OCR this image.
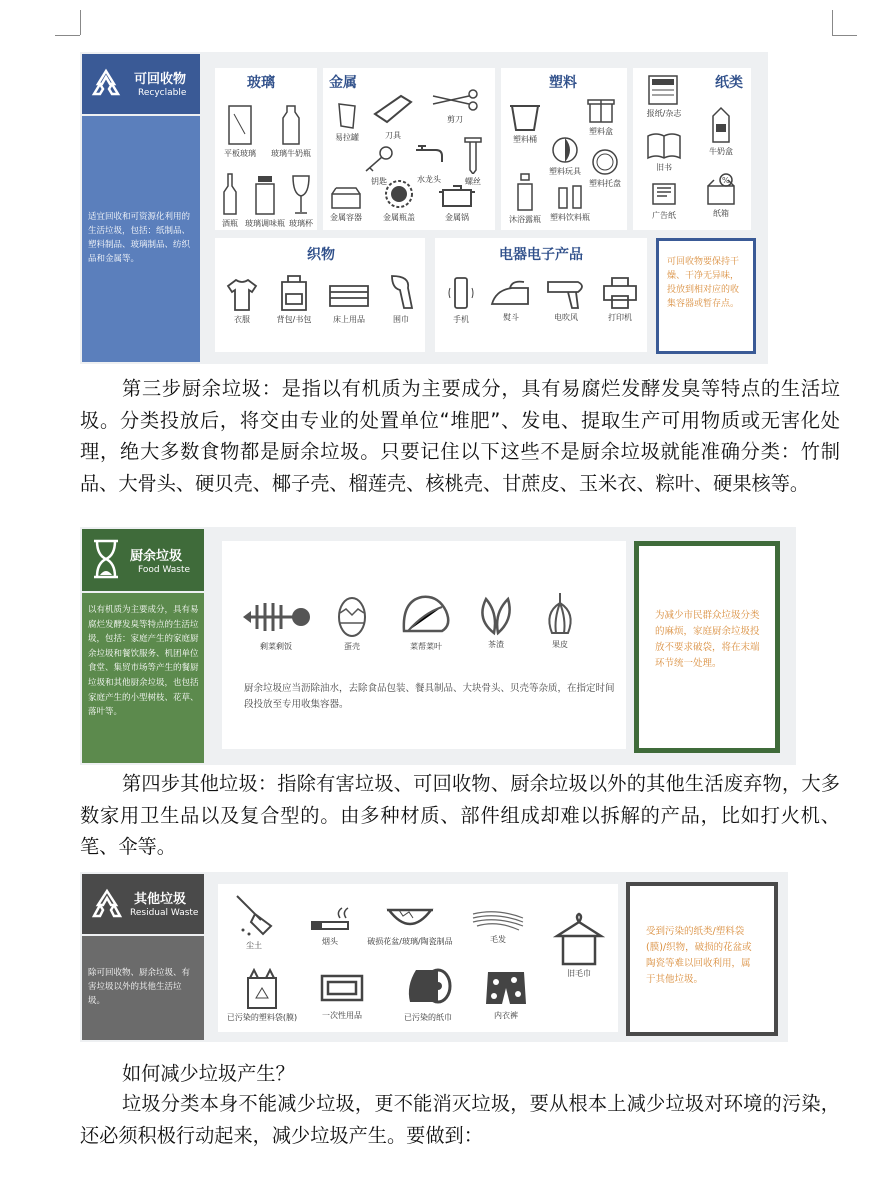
可回收物
Recyclable
适宜回收和可资源化利用的生活垃圾，包括：纸制品、塑料制品、玻璃制品、纺织品和金属等。
玻璃
平板玻璃	玻璃牛奶瓶
酒瓶 玻璃调味瓶 玻璃杯
金属
易拉罐	刀具
剪刀
钥匙	水龙头	螺丝
金属容器	金属瓶盖	金属锅
塑料
塑料桶
塑料盒
塑料玩具
沐浴露瓶	塑料饮料瓶
塑料托盘
纸类
报纸/杂志
牛奶盒
旧书
广告纸
%
纸箱
织物
衣服	背包/书包	床上用品	围巾
电器电子产品
手机	熨斗	电吹风	打印机
可回收物要保持干燥、干净无异味，投放到相对应的收集容器或暂存点。

第三步厨余垃圾：是指以有机质为主要成分，具有易腐烂发酵发臭等特点的生活垃圾。分类投放后，将交由专业的处置单位“堆肥”、发电、提取生产可用物质或无害化处理，绝大多数食物都是厨余垃圾。只要记住以下这些不是厨余垃圾就能准确分类：竹制品、大骨头、硬贝壳、椰子壳、榴莲壳、核桃壳、甘蔗皮、玉米衣、粽叶、硬果核等。

厨余垃圾
Food Waste
以有机质为主要成分，具有易腐烂发酵发臭等特点的生活垃圾，包括：家庭产生的家庭厨余垃圾和餐饮服务、机团单位食堂、集贸市场等产生的餐厨垃圾和其他厨余垃圾，也包括家庭产生的小型树枝、花草、落叶等。
剩菜剩饭	蛋壳	菜帮菜叶	茶渣	果皮
厨余垃圾应当沥除油水，去除食品包装、餐具制品、大块骨头、贝壳等杂质，在指定时间段投放至专用收集容器。
为减少市民群众垃圾分类的麻烦，家庭厨余垃圾投放不要求破袋，将在末端环节统一处理。

第四步其他垃圾：指除有害垃圾、可回收物、厨余垃圾以外的其他生活废弃物，大多数家用卫生品以及复合型的。由多种材质、部件组成却难以拆解的产品，比如打火机、笔、伞等。

其他垃圾
Residual Waste
除可回收物、厨余垃圾、有害垃圾以外的其他生活垃圾。
尘土	烟头	破损花盆/玻璃/陶瓷制品	毛发
旧毛巾
已污染的塑料袋(膜)	一次性用品	已污染的纸巾	内衣裤
受到污染的纸类/塑料袋(膜)/织物，破损的花盆或陶瓷等难以回收利用，属于其他垃圾。

如何减少垃圾产生？

垃圾分类本身不能减少垃圾，更不能消灭垃圾，要从根本上减少垃圾对环境的污染，还必须积极行动起来，减少垃圾产生。要做到：
